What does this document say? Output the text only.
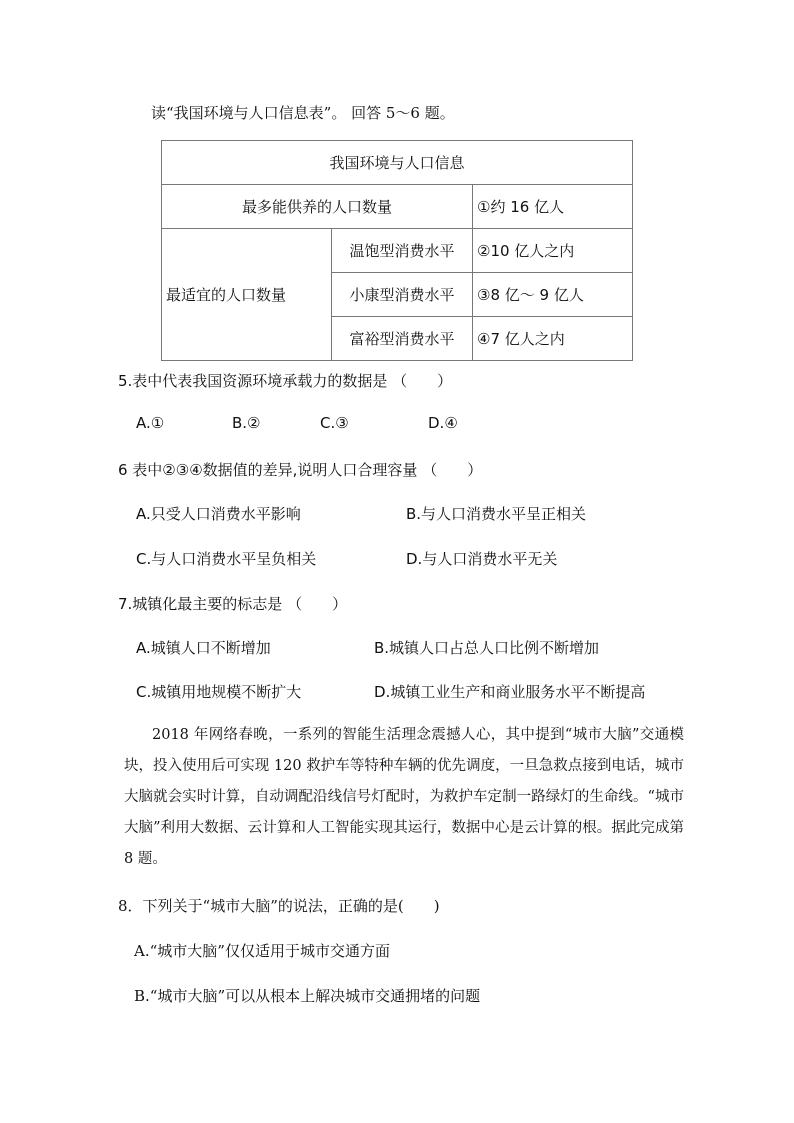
读“我国环境与人口信息表”。 回答 5～6 题。
我国环境与人口信息		
最多能供养的人口数量		①约 16 亿人
最适宜的人口数量	温饱型消费水平	②10 亿人之内
	小康型消费水平	③8 亿～ 9 亿人
	富裕型消费水平	④7 亿人之内
5.表中代表我国资源环境承载力的数据是 （　　）
A.①	B.②	C.③	D.④
6 表中②③④数据值的差异,说明人口合理容量 （　　）
A.只受人口消费水平影响	B.与人口消费水平呈正相关
C.与人口消费水平呈负相关	D.与人口消费水平无关
7.城镇化最主要的标志是 （　　）
A.城镇人口不断增加	B.城镇人口占总人口比例不断增加
C.城镇用地规模不断扩大	D.城镇工业生产和商业服务水平不断提高
2018 年网络春晚，一系列的智能生活理念震撼人心，其中提到“城市大脑”交通模块，投入使用后可实现 120 救护车等特种车辆的优先调度，一旦急救点接到电话，城市大脑就会实时计算，自动调配沿线信号灯配时，为救护车定制一路绿灯的生命线。“城市大脑”利用大数据、云计算和人工智能实现其运行，数据中心是云计算的根。据此完成第 8 题。
8．下列关于“城市大脑”的说法，正确的是(　　)
A.“城市大脑”仅仅适用于城市交通方面
B.“城市大脑”可以从根本上解决城市交通拥堵的问题
